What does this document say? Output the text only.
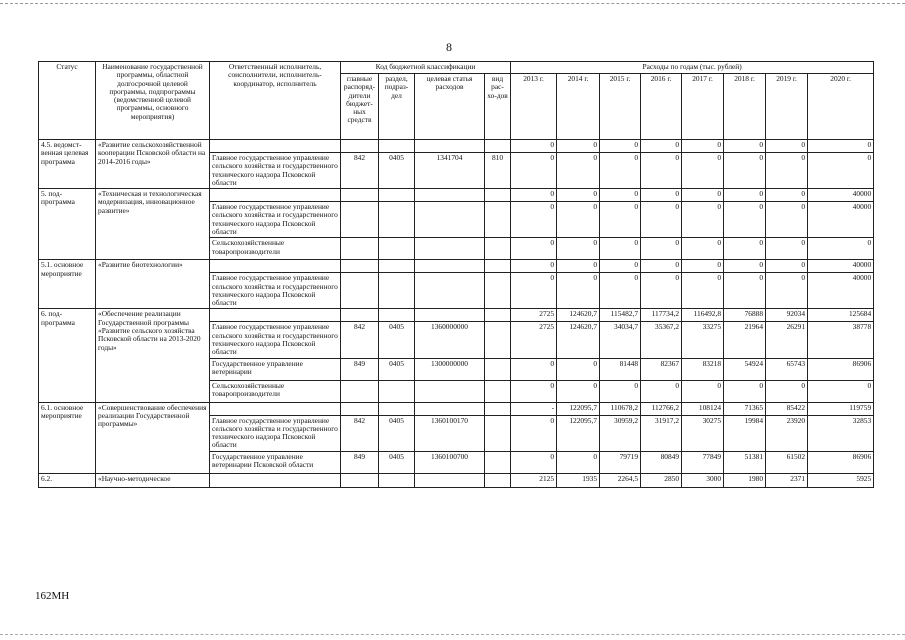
8
Статус	Наименование государственной программы, областной долгосрочной целевой программы, подпрограммы (ведомственной целевой программы, основного мероприятия)	Ответственный исполнитель, соисполнители, исполнитель-координатор, исполнитель	Код бюджетной классификации				Расходы по годам (тыс. рублей)							
			главные распоряд-дители бюджет-ных средств	раздел, подраз-дел	целевая статья расходов	вид рас-хо-дов	2013 г.	2014 г.	2015 г.	2016 г.	2017 г.	2018 г.	2019 г.	2020 г.
4.5. ведомст-венная целевая программа	«Развитие сельскохозяйственной кооперации Псковской области на 2014-2016 годы»						0	0	0	0	0	0	0	0
		Главное государственное управление сельского хозяйства и государственного технического надзора Псковской области	842	0405	1341704	810	0	0	0	0	0	0	0	0
5. под-программа	«Техническая и технологическая модернизация, инновационное развитие»						0	0	0	0	0	0	0	40000
		Главное государственное управление сельского хозяйства и государственного технического надзора Псковской области					0	0	0	0	0	0	0	40000
		Сельскохозяйственные товаропроизводители					0	0	0	0	0	0	0	0
5.1. основное мероприятие	«Развитие биотехнологии»						0	0	0	0	0	0	0	40000
		Главное государственное управление сельского хозяйства и государственного технического надзора Псковской области					0	0	0	0	0	0	0	40000
6. под-программа	«Обеспечение реализации Государственной программы «Развитие сельского хозяйства Псковской области на 2013-2020 годы»						2725	124620,7	115482,7	117734,2	116492,8	76888	92034	125684
		Главное государственное управление сельского хозяйства и государственного технического надзора Псковской области	842	0405	1360000000		2725	124620,7	34034,7	35367,2	33275	21964	26291	38778
		Государственное управление ветеринарии	849	0405	1300000000		0	0	81448	82367	83218	54924	65743	86906
		Сельскохозяйственные товаропроизводители					0	0	0	0	0	0	0	0
6.1. основное мероприятие	«Совершенствование обеспечения реализации Государственной программы»						-	122095,7	110678,2	112766,2	108124	71365	85422	119759
		Главное государственное управление сельского хозяйства и государственного технического надзора Псковской области	842	0405	1360100170		0	122095,7	30959,2	31917,2	30275	19984	23920	32853
		Государственное управление ветеринарии Псковской области	849	0405	1360100700		0	0	79719	80849	77849	51381	61502	86906
6.2.	«Научно-методическое						2125	1935	2264,5	2850	3000	1980	2371	5925
162МН
